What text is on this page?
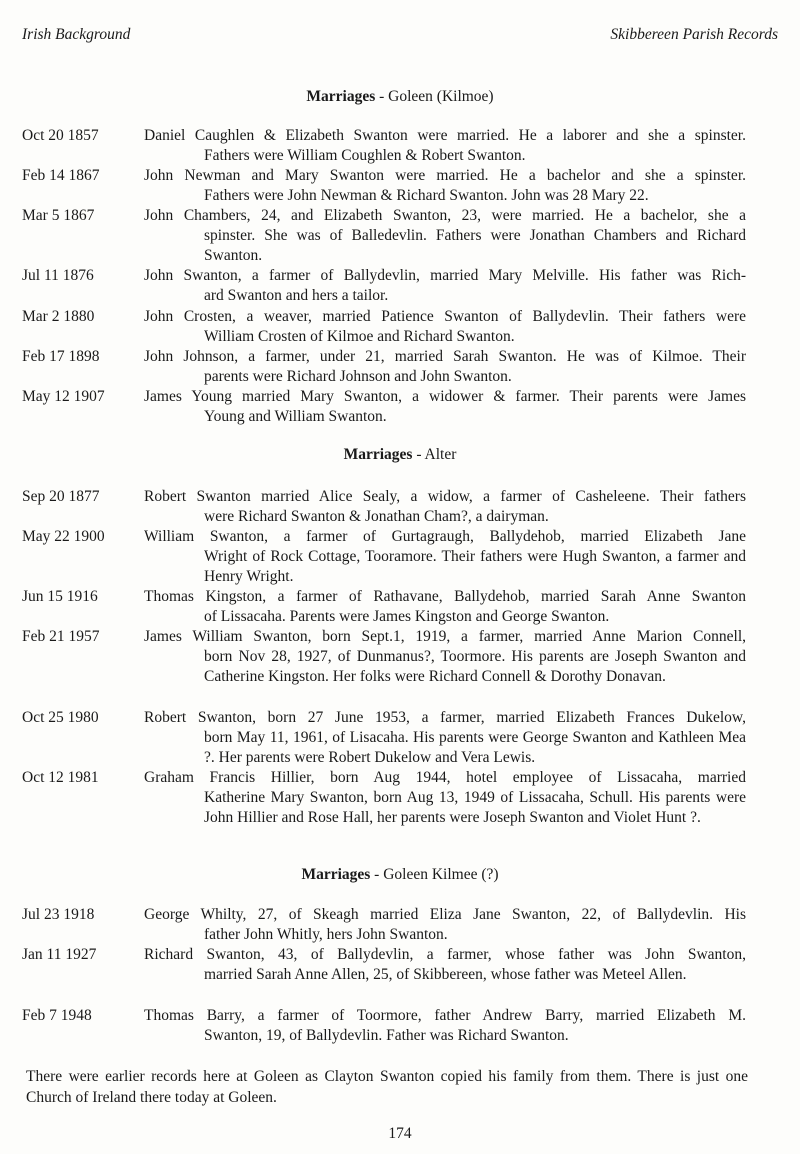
Irish Background	Skibbereen Parish Records
Marriages - Goleen (Kilmoe)
Oct 20 1857	Daniel Caughlen & Elizabeth Swanton were married. He a laborer and she a spinster.
Fathers were William Coughlen & Robert Swanton.
Feb 14 1867	John Newman and Mary Swanton were married. He a bachelor and she a spinster.
Fathers were John Newman & Richard Swanton. John was 28 Mary 22.
Mar 5 1867	John Chambers, 24, and Elizabeth Swanton, 23, were married. He a bachelor, she a
spinster. She was of Balledevlin. Fathers were Jonathan Chambers and Richard Swanton.
Jul 11 1876	John Swanton, a farmer of Ballydevlin, married Mary Melville. His father was Rich-
ard Swanton and hers a tailor.
Mar 2 1880	John Crosten, a weaver, married Patience Swanton of Ballydevlin. Their fathers were
William Crosten of Kilmoe and Richard Swanton.
Feb 17 1898	John Johnson, a farmer, under 21, married Sarah Swanton. He was of Kilmoe. Their
parents were Richard Johnson and John Swanton.
May 12 1907	James Young married Mary Swanton, a widower & farmer. Their parents were James
Young and William Swanton.
Marriages - Alter
Sep 20 1877	Robert Swanton married Alice Sealy, a widow, a farmer of Casheleene. Their fathers
were Richard Swanton & Jonathan Cham?, a dairyman.
May 22 1900	William Swanton, a farmer of Gurtagraugh, Ballydehob, married Elizabeth Jane
Wright of Rock Cottage, Tooramore. Their fathers were Hugh Swanton, a farmer and Henry Wright.
Jun 15 1916	Thomas Kingston, a farmer of Rathavane, Ballydehob, married Sarah Anne Swanton
of Lissacaha. Parents were James Kingston and George Swanton.
Feb 21 1957	James William Swanton, born Sept.1, 1919, a farmer, married Anne Marion Connell,
born Nov 28, 1927, of Dunmanus?, Toormore. His parents are Joseph Swanton and Catherine Kingston. Her folks were Richard Connell & Dorothy Donavan.
Oct 25 1980	Robert Swanton, born 27 June 1953, a farmer, married Elizabeth Frances Dukelow,
born May 11, 1961, of Lisacaha. His parents were George Swanton and Kathleen Mea ?. Her parents were Robert Dukelow and Vera Lewis.
Oct 12 1981	Graham Francis Hillier, born Aug 1944, hotel employee of Lissacaha, married
Katherine Mary Swanton, born Aug 13, 1949 of Lissacaha, Schull. His parents were John Hillier and Rose Hall, her parents were Joseph Swanton and Violet Hunt ?.
Marriages - Goleen Kilmee (?)
Jul 23 1918	George Whilty, 27, of Skeagh married Eliza Jane Swanton, 22, of Ballydevlin. His
father John Whitly, hers John Swanton.
Jan 11 1927	Richard Swanton, 43, of Ballydevlin, a farmer, whose father was John Swanton,
married Sarah Anne Allen, 25, of Skibbereen, whose father was Meteel Allen.
Feb 7 1948	Thomas Barry, a farmer of Toormore, father Andrew Barry, married Elizabeth M.
Swanton, 19, of Ballydevlin. Father was Richard Swanton.
There were earlier records here at Goleen as Clayton Swanton copied his family from them. There is just one Church of Ireland there today at Goleen.
174
